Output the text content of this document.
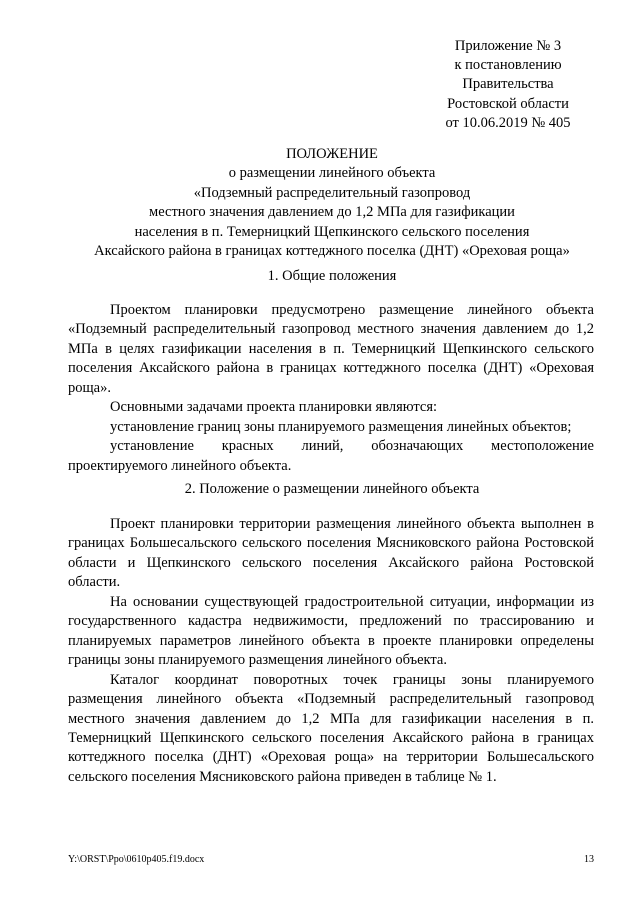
Приложение № 3
к постановлению
Правительства
Ростовской области
от 10.06.2019 № 405
ПОЛОЖЕНИЕ
о размещении линейного объекта
«Подземный распределительный газопровод
местного значения давлением до 1,2 МПа для газификации
населения в п. Темерницкий Щепкинского сельского поселения
Аксайского района в границах коттеджного поселка (ДНТ) «Ореховая роща»
1. Общие положения

Проектом планировки предусмотрено размещение линейного объекта «Подземный распределительный газопровод местного значения давлением до 1,2 МПа в целях газификации населения в п. Темерницкий Щепкинского сельского поселения Аксайского района в границах коттеджного поселка (ДНТ) «Ореховая роща».

Основными задачами проекта планировки являются:

установление границ зоны планируемого размещения линейных объектов;

установление красных линий, обозначающих местоположение проектируемого линейного объекта.

2. Положение о размещении линейного объекта

Проект планировки территории размещения линейного объекта выполнен в границах Большесальского сельского поселения Мясниковского района Ростовской области и Щепкинского сельского поселения Аксайского района Ростовской области.

На основании существующей градостроительной ситуации, информации из государственного кадастра недвижимости, предложений по трассированию и планируемых параметров линейного объекта в проекте планировки определены границы зоны планируемого размещения линейного объекта.

Каталог координат поворотных точек границы зоны планируемого размещения линейного объекта «Подземный распределительный газопровод местного значения давлением до 1,2 МПа для газификации населения в п. Темерницкий Щепкинского сельского поселения Аксайского района в границах коттеджного поселка (ДНТ) «Ореховая роща» на территории Большесальского сельского поселения Мясниковского района приведен в таблице № 1.

Y:\ORST\Ppo\0610p405.f19.docx	13
